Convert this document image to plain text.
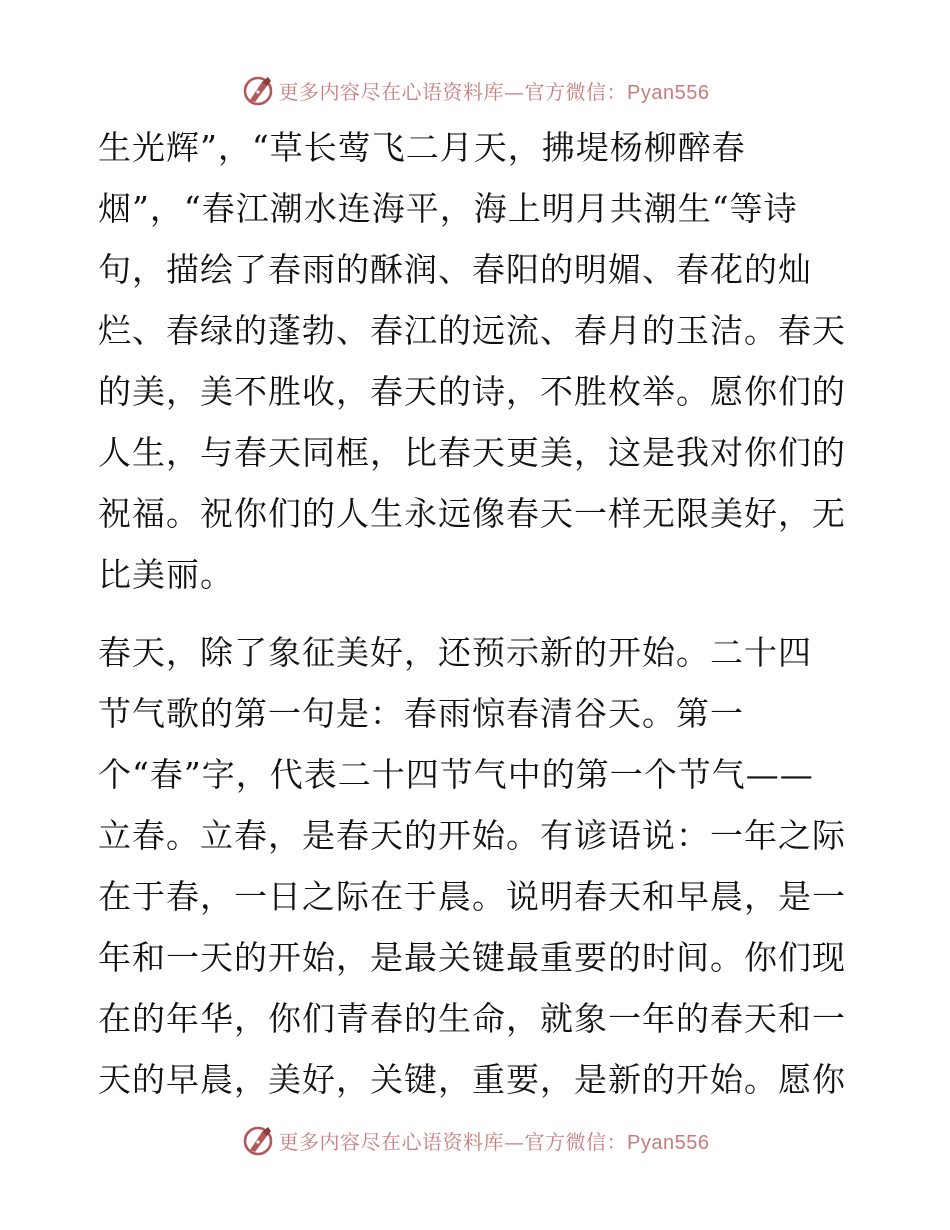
更多内容尽在心语资料库—官方微信：Pyan556
生光辉”，“草长莺飞二月天，拂堤杨柳醉春
烟”，“春江潮水连海平，海上明月共潮生“等诗
句，描绘了春雨的酥润、春阳的明媚、春花的灿
烂、春绿的蓬勃、春江的远流、春月的玉洁。春天
的美，美不胜收，春天的诗，不胜枚举。愿你们的
人生，与春天同框，比春天更美，这是我对你们的
祝福。祝你们的人生永远像春天一样无限美好，无
比美丽。
春天，除了象征美好，还预示新的开始。二十四
节气歌的第一句是：春雨惊春清谷天。第一
个“春”字，代表二十四节气中的第一个节气——
立春。立春，是春天的开始。有谚语说：一年之际
在于春，一日之际在于晨。说明春天和早晨，是一
年和一天的开始，是最关键最重要的时间。你们现
在的年华，你们青春的生命，就象一年的春天和一
天的早晨，美好，关键，重要，是新的开始。愿你
更多内容尽在心语资料库—官方微信：Pyan556
